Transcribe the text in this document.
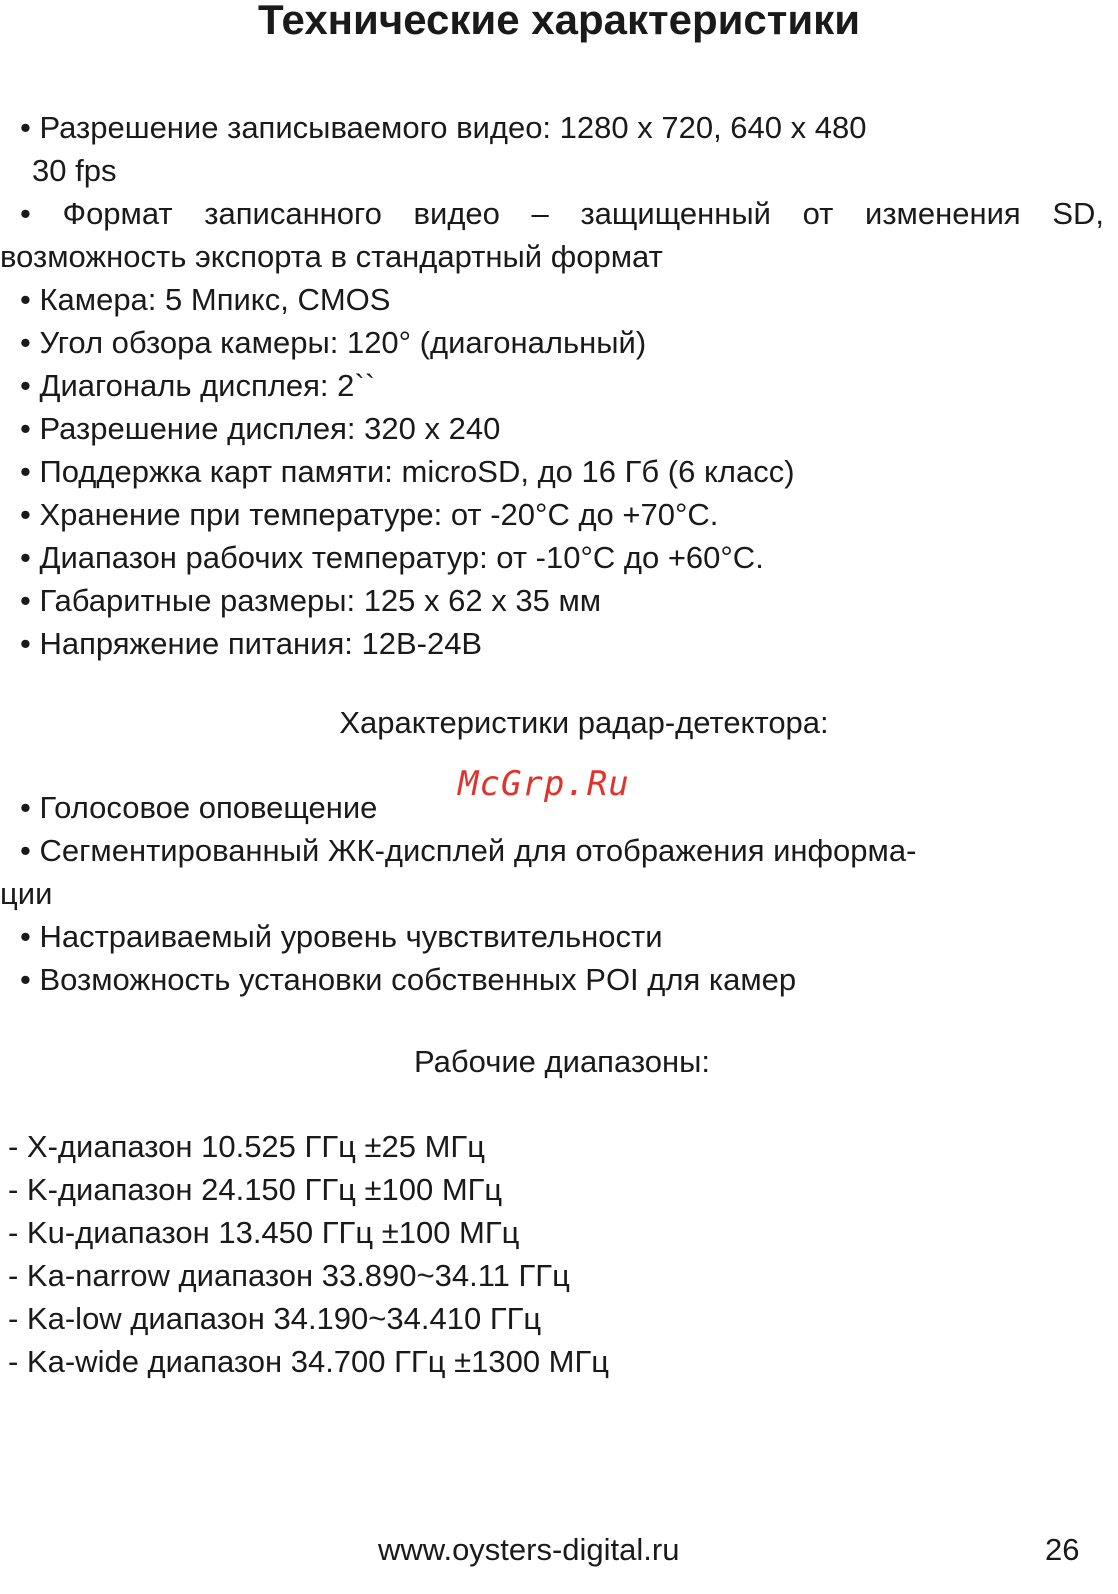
Технические характеристики
• Разрешение записываемого видео: 1280 x 720, 640 x 480
30 fps
• Формат записанного видео – защищенный от изменения SD,
возможность экспорта в стандартный формат
• Камера: 5 Мпикс, CMOS
• Угол обзора камеры: 120° (диагональный)
• Диагональ дисплея: 2``
• Разрешение дисплея: 320 x 240
• Поддержка карт памяти: microSD, до 16 Гб (6 класс)
• Хранение при температуре: от -20°С до +70°С.
• Диапазон рабочих температур: от -10°С до +60°С.
• Габаритные размеры: 125 x 62 x 35 мм
• Напряжение питания: 12В-24В
Характеристики радар-детектора:
McGrp.Ru
• Голосовое оповещение
• Сегментированный ЖК-дисплей для отображения информа-
ции
• Настраиваемый уровень чувствительности
• Возможность установки собственных POI для камер
Рабочие диапазоны:
- X-диапазон 10.525 ГГц ±25 МГц
- K-диапазон 24.150 ГГц ±100 МГц
- Ku-диапазон 13.450 ГГц ±100 МГц
- Ka-narrow диапазон 33.890~34.11 ГГц
- Ka-low диапазон 34.190~34.410 ГГц
- Ka-wide диапазон 34.700 ГГц ±1300 МГц
www.oysters-digital.ru	26
